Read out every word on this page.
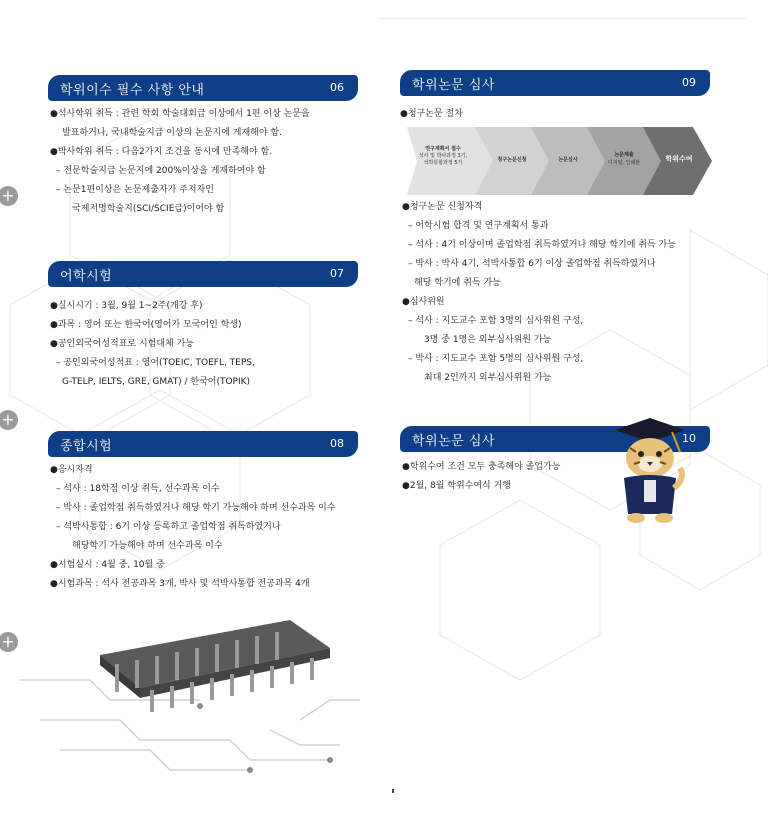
+
+
+
학위이수 필수 사항 안내	06
●석사학위 취득 : 관련 학회 학술대회급 이상에서 1편 이상 논문을
발표하거나, 국내학술지급 이상의 논문지에 게재해야 함.
●박사학위 취득 : 다음2가지 조건을 동시에 만족해야 함.
– 전문학술지급 논문지에 200%이상을 게재하여야 함
– 논문1편이상은 논문제출자가 주저자인
국제저명학술지(SCI/SCIE급)이어야 함
어학시험	07
●실시시기 : 3월, 9월 1~2주(개강 후)
●과목 : 영어 또는 한국어(영어가 모국어인 학생)
●공인외국어성적표로 시험대체 가능
– 공인외국어성적표 : 영어(TOEIC, TOEFL, TEPS,
G-TELP, IELTS, GRE, GMAT) / 한국어(TOPIK)
종합시험	08
●응시자격
– 석사 : 18학점 이상 취득, 선수과목 이수
– 박사 : 졸업학점 취득하였거나 해당 학기 가능해야 하며 선수과목 이수
– 석박사통합 : 6기 이상 등록하고 졸업학점 취득하였거나
해당학기 가능해야 하며 선수과목 이수
●시험실시 : 4월 중, 10월 중
●시험과목 : 석사 전공과목 3개, 박사 및 석박사통합 전공과목 4개
학위논문 심사	09
●청구논문 절차
연구계획서 접수
석사 및 박사과정 3기,
석박통합과정 5기	청구논문신청	논문심사
논문제출
디지털, 인쇄본	학위수여
●청구논문 신청자격
– 어학시험 합격 및 연구계획서 통과
– 석사 : 4기 이상이며 졸업학점 취득하였거나 해당 학기에 취득 가능
– 박사 : 박사 4기, 석박사통합 6기 이상 졸업학점 취득하였거나
해당 학기에 취득 가능
●심사위원
– 석사 : 지도교수 포함 3명의 심사위원 구성,
3명 중 1명은 외부심사위원 가능
– 박사 : 지도교수 포함 5명의 심사위원 구성,
최대 2인까지 외부심사위원 가능
학위논문 심사	10
●학위수여 조건 모두 충족해야 졸업가능
●2월, 8월 학위수여식 거행
